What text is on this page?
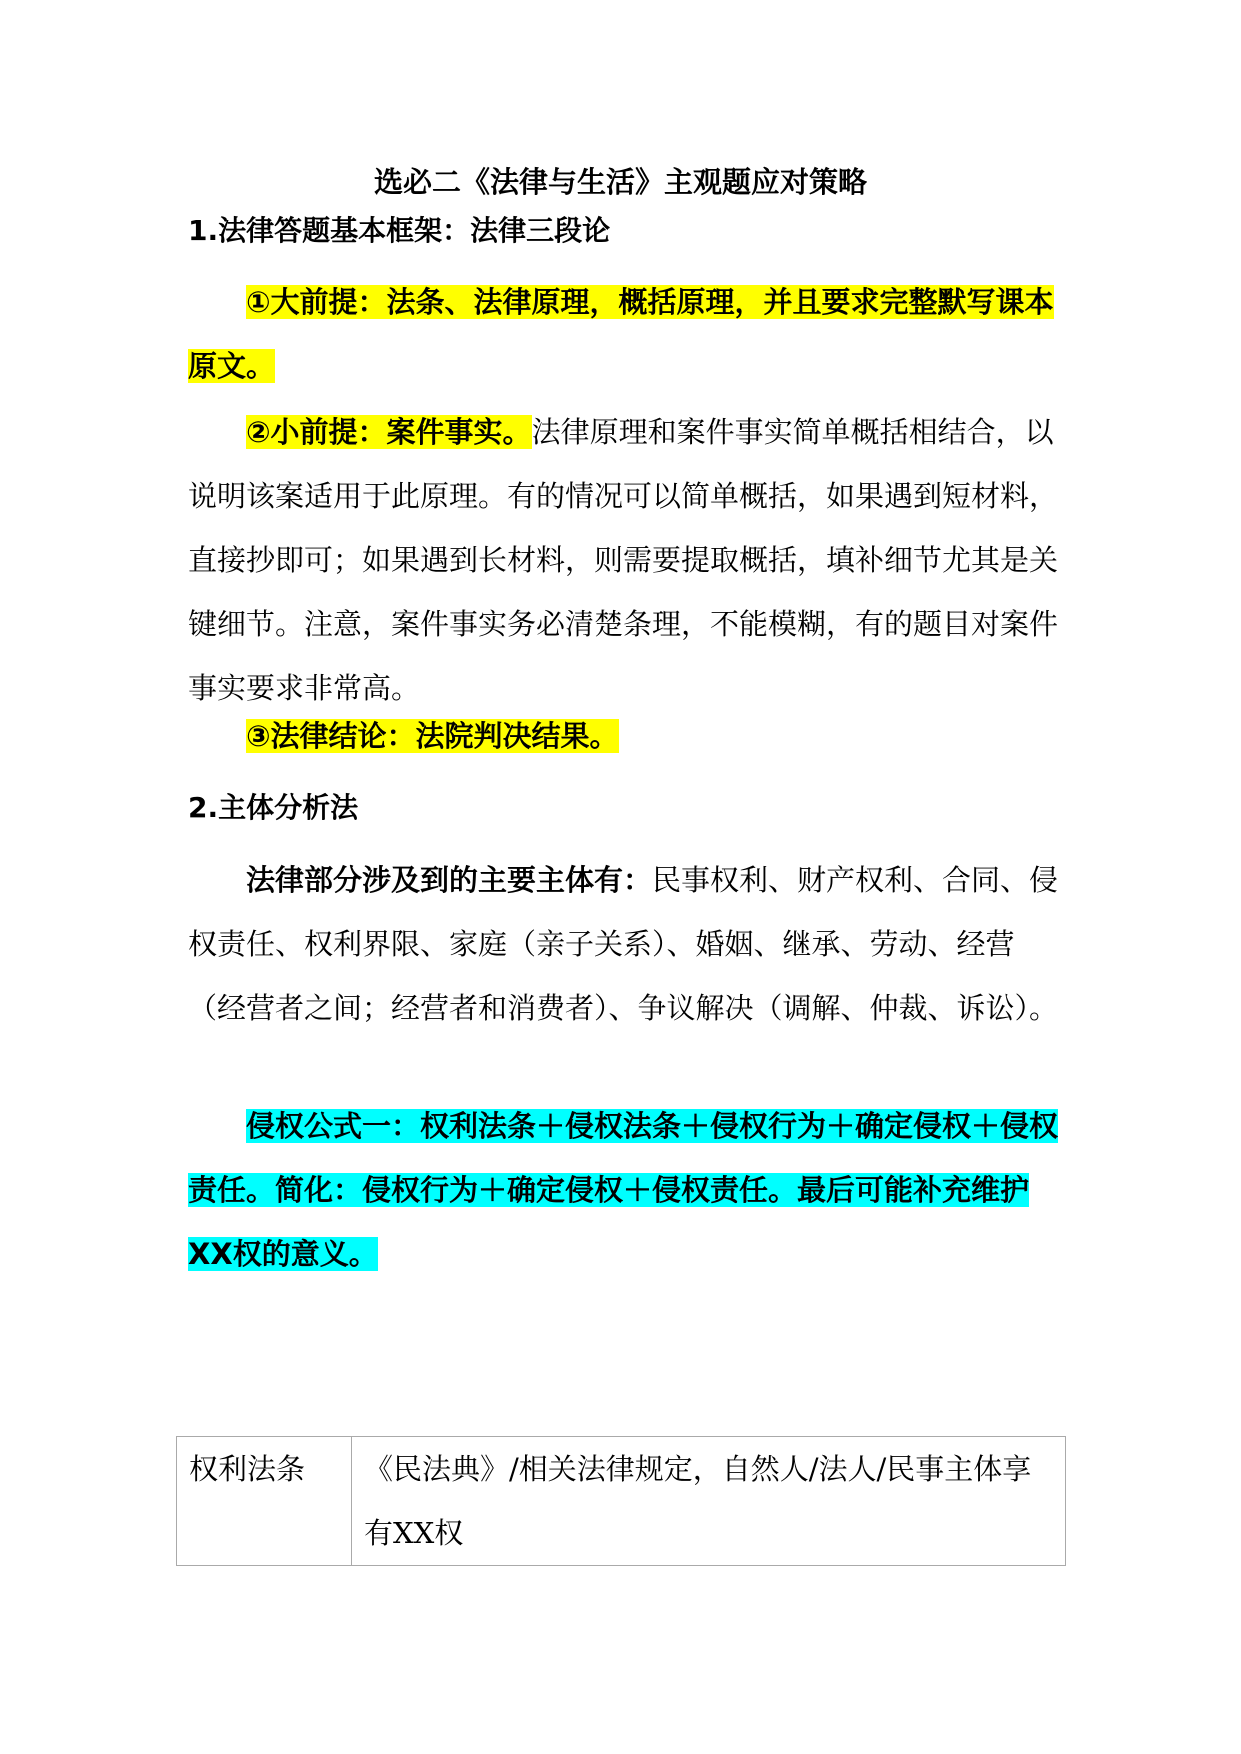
选必二《法律与生活》主观题应对策略
1.法律答题基本框架：法律三段论

①大前提：法条、法律原理，概括原理，并且要求完整默写课本原文。

②小前提：案件事实。法律原理和案件事实简单概括相结合，以说明该案适用于此原理。有的情况可以简单概括，如果遇到短材料，直接抄即可；如果遇到长材料，则需要提取概括，填补细节尤其是关键细节。注意，案件事实务必清楚条理，不能模糊，有的题目对案件事实要求非常高。

③法律结论：法院判决结果。

2.主体分析法

法律部分涉及到的主要主体有：民事权利、财产权利、合同、侵权责任、权利界限、家庭（亲子关系）、婚姻、继承、劳动、经营（经营者之间；经营者和消费者）、争议解决（调解、仲裁、诉讼）。

侵权公式一：权利法条＋侵权法条＋侵权行为＋确定侵权＋侵权责任。简化：侵权行为＋确定侵权＋侵权责任。最后可能补充维护XX权的意义。

权利法条	《民法典》/相关法律规定，自然人/法人/民事主体享有XX权
